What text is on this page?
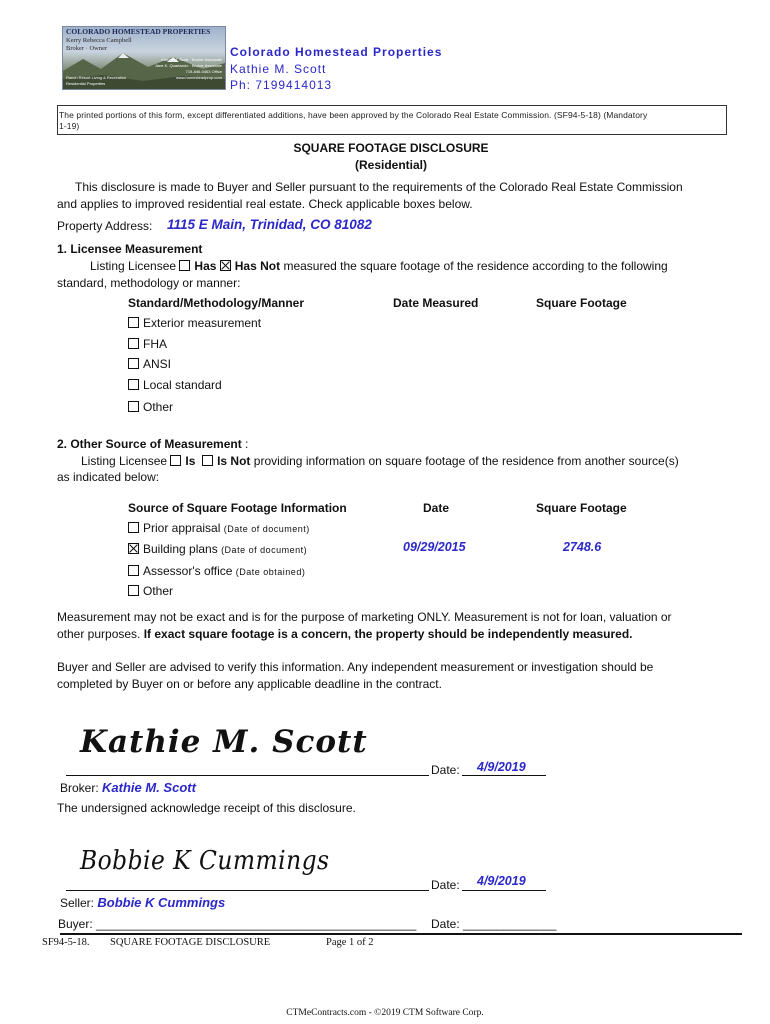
COLORADO HOMESTEAD PROPERTIES
Kerry Rebecca Campbell
Broker · Owner
Kathie M. Scott · Broker Associate
Jane K. Quartarolo · Broker Associate
719-846-0463 Office
www.homesteadprop.com
Ranch Resort Living & Recreation
Residential Properties
Colorado Homestead Properties
Kathie M. Scott
Ph: 7199414013
The printed portions of this form, except differentiated additions, have been approved by the Colorado Real Estate Commission. (SF94-5-18) (Mandatory
1-19)
SQUARE FOOTAGE DISCLOSURE
(Residential)
This disclosure is made to Buyer and Seller pursuant to the requirements of the Colorado Real Estate Commission
and applies to improved residential real estate. Check applicable boxes below.
Property Address: 1115 E Main, Trinidad, CO 81082
1. Licensee Measurement
Listing Licensee Has Has Not measured the square footage of the residence according to the following
standard, methodology or manner:
Standard/Methodology/Manner	Date Measured	Square Footage
Exterior measurement
FHA
ANSI
Local standard
Other
2. Other Source of Measurement :
Listing Licensee Is Is Not providing information on square footage of the residence from another source(s)
as indicated below:
Source of Square Footage Information	Date	Square Footage
Prior appraisal (Date of document)
Building plans (Date of document)	09/29/2015	2748.6
Assessor's office (Date obtained)
Other
Measurement may not be exact and is for the purpose of marketing ONLY. Measurement is not for loan, valuation or
other purposes. If exact square footage is a concern, the property should be independently measured.
Buyer and Seller are advised to verify this information. Any independent measurement or investigation should be
completed by Buyer on or before any applicable deadline in the contract.
Kathie M. Scott
Date: 4/9/2019
Broker: Kathie M. Scott
The undersigned acknowledge receipt of this disclosure.
Bobbie K Cummings
Date: 4/9/2019
Seller: Bobbie K Cummings
Buyer: ________________________________________________ Date: ______________
SF94-5-18. SQUARE FOOTAGE DISCLOSURE	Page 1 of 2
CTMeContracts.com - ©2019 CTM Software Corp.
